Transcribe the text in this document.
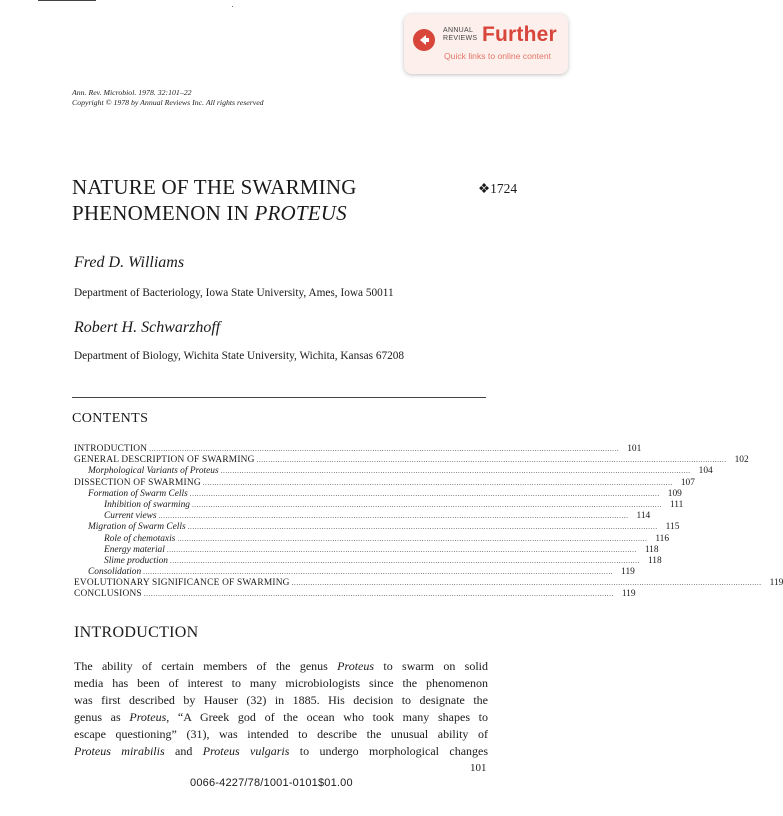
ANNUAL
REVIEWS Further
Quick links to online content
Ann. Rev. Microbiol. 1978. 32:101–22
Copyright © 1978 by Annual Reviews Inc. All rights reserved
NATURE OF THE SWARMING
PHENOMENON IN PROTEUS
❖1724
Fred D. Williams
Department of Bacteriology, Iowa State University, Ames, Iowa 50011
Robert H. Schwarzhoff
Department of Biology, Wichita State University, Wichita, Kansas 67208
CONTENTS
INTRODUCTION ........................................................................................................................................................................................................ 101
GENERAL DESCRIPTION OF SWARMING ........................................................................................................................................................................................................ 102
Morphological Variants of Proteus ........................................................................................................................................................................................................ 104
DISSECTION OF SWARMING ........................................................................................................................................................................................................ 107
Formation of Swarm Cells ........................................................................................................................................................................................................ 109
Inhibition of swarming ........................................................................................................................................................................................................ 111
Current views ........................................................................................................................................................................................................ 114
Migration of Swarm Cells ........................................................................................................................................................................................................ 115
Role of chemotaxis ........................................................................................................................................................................................................ 116
Energy material ........................................................................................................................................................................................................ 118
Slime production ........................................................................................................................................................................................................ 118
Consolidation ........................................................................................................................................................................................................ 119
EVOLUTIONARY SIGNIFICANCE OF SWARMING ........................................................................................................................................................................................................ 119
CONCLUSIONS ........................................................................................................................................................................................................ 119
INTRODUCTION
The ability of certain members of the genus Proteus to swarm on solid
media has been of interest to many microbiologists since the phenomenon
was first described by Hauser (32) in 1885. His decision to designate the
genus as Proteus, “A Greek god of the ocean who took many shapes to
escape questioning” (31), was intended to describe the unusual ability of
Proteus mirabilis and Proteus vulgaris to undergo morphological changes
101
0066-4227/78/1001-0101$01.00
